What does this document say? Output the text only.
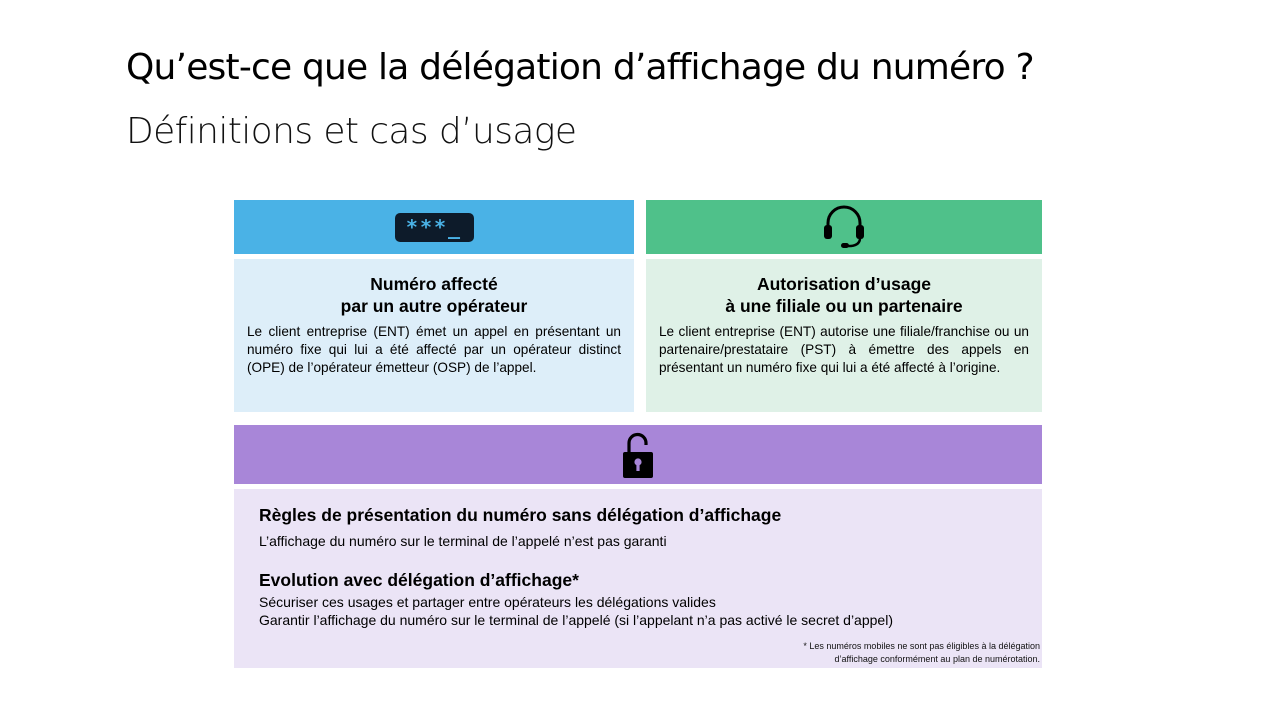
Qu’est-ce que la délégation d’affichage du numéro ?
Définitions et cas d’usage
***_
Numéro affecté
par un autre opérateur
Le client entreprise (ENT) émet un appel en présentant un numéro fixe qui lui a été affecté par un opérateur distinct (OPE) de l’opérateur émetteur (OSP) de l’appel.
Autorisation d’usage
à une filiale ou un partenaire
Le client entreprise (ENT) autorise une filiale/franchise ou un partenaire/prestataire (PST) à émettre des appels en présentant un numéro fixe qui lui a été affecté à l’origine.
Règles de présentation du numéro sans délégation d’affichage
L’affichage du numéro sur le terminal de l’appelé n’est pas garanti
Evolution avec délégation d’affichage*
Sécuriser ces usages et partager entre opérateurs les délégations valides
Garantir l’affichage du numéro sur le terminal de l’appelé (si l’appelant n’a pas activé le secret d’appel)
* Les numéros mobiles ne sont pas éligibles à la délégation
d’affichage conformément au plan de numérotation.
